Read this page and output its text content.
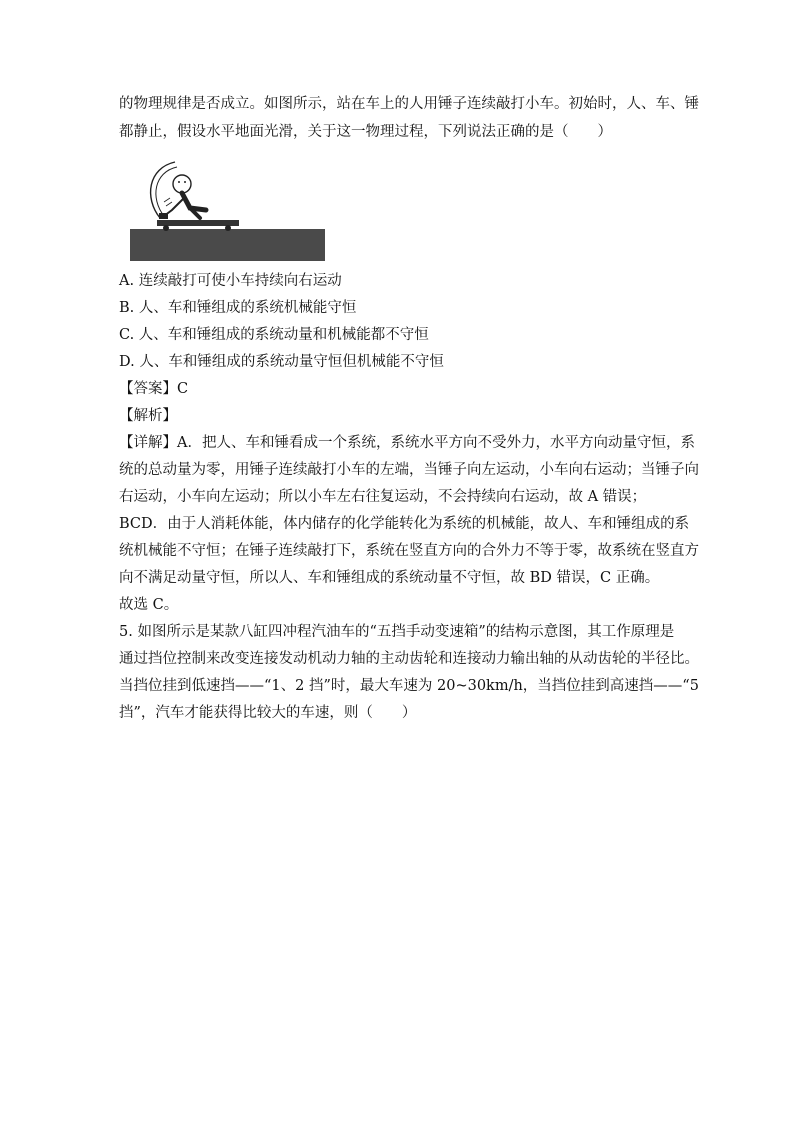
的物理规律是否成立。如图所示，站在车上的人用锤子连续敲打小车。初始时，人、车、锤
都静止，假设水平地面光滑，关于这一物理过程，下列说法正确的是（　　）
A. 连续敲打可使小车持续向右运动
B. 人、车和锤组成的系统机械能守恒
C. 人、车和锤组成的系统动量和机械能都不守恒
D. 人、车和锤组成的系统动量守恒但机械能不守恒
【答案】C
【解析】
【详解】A．把人、车和锤看成一个系统，系统水平方向不受外力，水平方向动量守恒，系
统的总动量为零，用锤子连续敲打小车的左端，当锤子向左运动，小车向右运动；当锤子向
右运动，小车向左运动；所以小车左右往复运动，不会持续向右运动，故 A 错误；
BCD．由于人消耗体能，体内储存的化学能转化为系统的机械能，故人、车和锤组成的系
统机械能不守恒；在锤子连续敲打下，系统在竖直方向的合外力不等于零，故系统在竖直方
向不满足动量守恒，所以人、车和锤组成的系统动量不守恒，故 BD 错误，C 正确。
故选 C。
5. 如图所示是某款八缸四冲程汽油车的“五挡手动变速箱”的结构示意图，其工作原理是
通过挡位控制来改变连接发动机动力轴的主动齿轮和连接动力输出轴的从动齿轮的半径比。
当挡位挂到低速挡——“1、2 挡”时，最大车速为 20~30km/h，当挡位挂到高速挡——“5
挡”，汽车才能获得比较大的车速，则（　　）
